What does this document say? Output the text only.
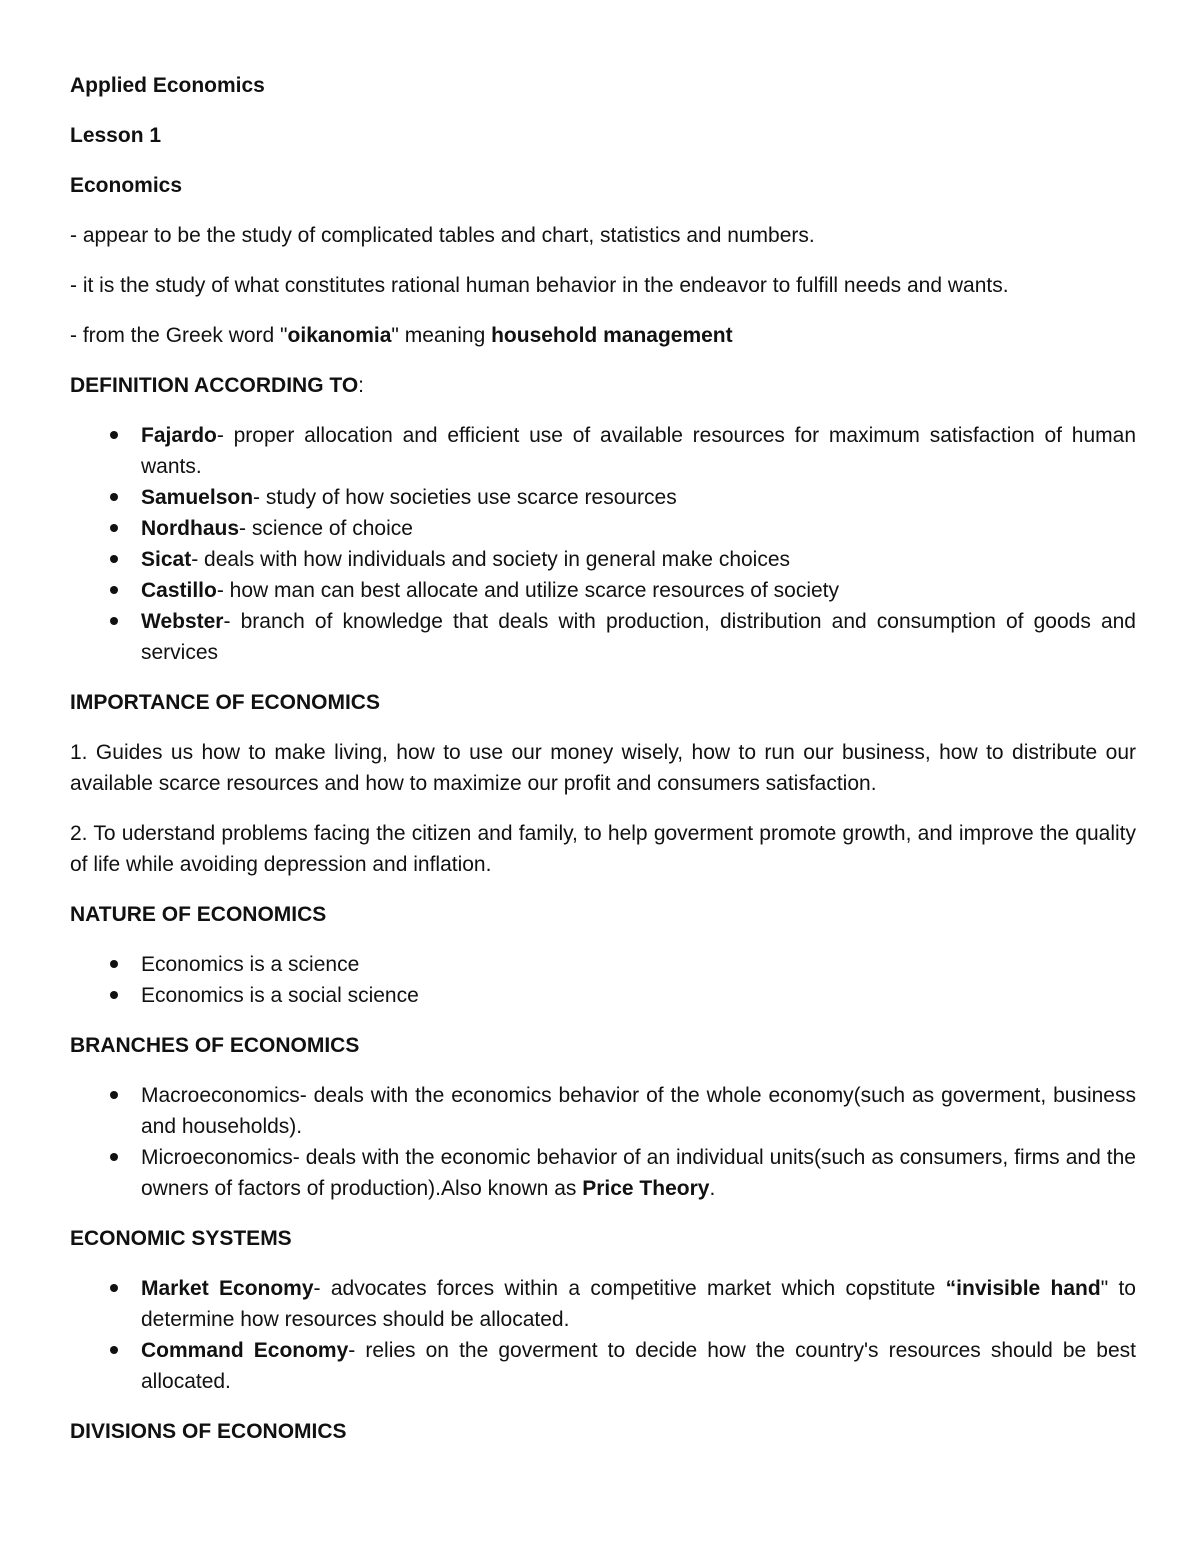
Applied Economics
Lesson 1
Economics

- appear to be the study of complicated tables and chart, statistics and numbers.

- it is the study of what constitutes rational human behavior in the endeavor to fulfill needs and wants.

- from the Greek word "oikanomia" meaning household management

DEFINITION ACCORDING TO:
Fajardo- proper allocation and efficient use of available resources for maximum satisfaction of human wants.
Samuelson- study of how societies use scarce resources
Nordhaus- science of choice
Sicat- deals with how individuals and society in general make choices
Castillo- how man can best allocate and utilize scarce resources of society
Webster- branch of knowledge that deals with production, distribution and consumption of goods and services
IMPORTANCE OF ECONOMICS

1. Guides us how to make living, how to use our money wisely, how to run our business, how to distribute our available scarce resources and how to maximize our profit and consumers satisfaction.

2. To uderstand problems facing the citizen and family, to help goverment promote growth, and improve the quality of life while avoiding depression and inflation.

NATURE OF ECONOMICS
Economics is a science
Economics is a social science
BRANCHES OF ECONOMICS
Macroeconomics- deals with the economics behavior of the whole economy(such as goverment, business and households).
Microeconomics- deals with the economic behavior of an individual units(such as consumers, firms and the owners of factors of production).Also known as Price Theory.
ECONOMIC SYSTEMS
Market Economy- advocates forces within a competitive market which copstitute “invisible hand" to determine how resources should be allocated.
Command Economy- relies on the goverment to decide how the country's resources should be best allocated.
DIVISIONS OF ECONOMICS
